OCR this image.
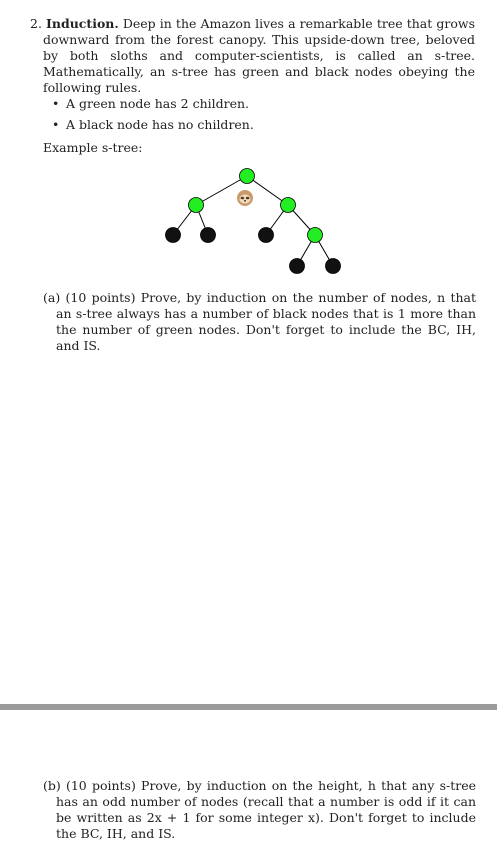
2. Induction. Deep in the Amazon lives a remarkable tree that grows downward from the forest canopy. This upside-down tree, beloved by both sloths and computer-scientists, is called an s-tree. Mathematically, an s-tree has green and black nodes obeying the following rules.

• A green node has 2 children.
• A black node has no children.
Example s-tree:

(a) (10 points) Prove, by induction on the number of nodes, n that an s-tree always has a number of black nodes that is 1 more than the number of green nodes. Don't forget to include the BC, IH, and IS.

(b) (10 points) Prove, by induction on the height, h that any s-tree has an odd number of nodes (recall that a number is odd if it can be written as 2x + 1 for some integer x). Don't forget to include the BC, IH, and IS.
